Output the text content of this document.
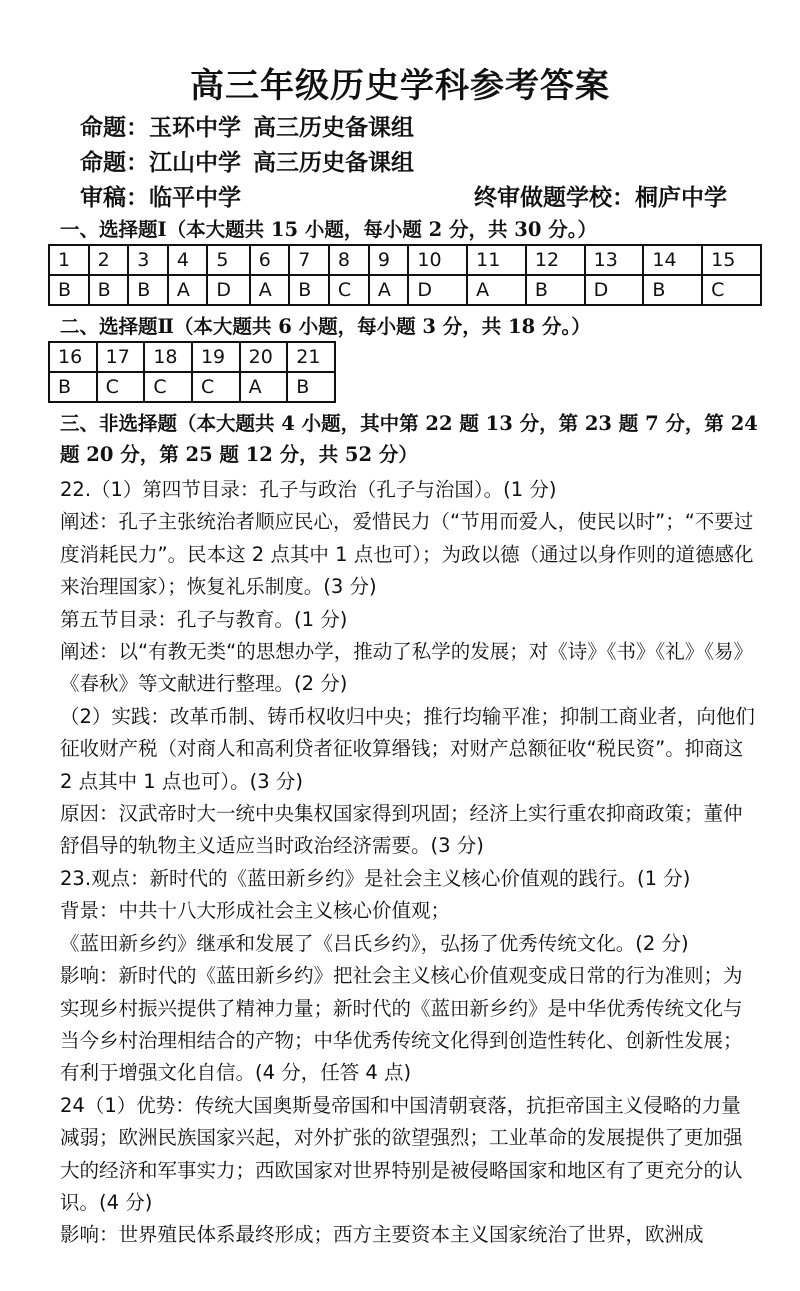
高三年级历史学科参考答案
命题：玉环中学 高三历史备课组
命题：江山中学 高三历史备课组
审稿：临平中学	终审做题学校：桐庐中学
一、选择题Ⅰ（本大题共 15 小题，每小题 2 分，共 30 分。）
1	2	3	4	5	6	7	8	9	10	11	12	13	14	15
B	B	B	A	D	A	B	C	A	D	A	B	D	B	C
二、选择题Ⅱ（本大题共 6 小题，每小题 3 分，共 18 分。）
16	17	18	19	20	21
B	C	C	C	A	B
三、非选择题（本大题共 4 小题，其中第 22 题 13 分，第 23 题 7 分，第 24 题 20 分，第 25 题 12 分，共 52 分）

22.（1）第四节目录：孔子与政治（孔子与治国）。(1 分)

阐述：孔子主张统治者顺应民心，爱惜民力（“节用而爱人，使民以时”；“不要过度消耗民力”。民本这 2 点其中 1 点也可）；为政以德（通过以身作则的道德感化来治理国家）；恢复礼乐制度。(3 分)

第五节目录：孔子与教育。(1 分)

阐述：以“有教无类“的思想办学，推动了私学的发展；对《诗》《书》《礼》《易》《春秋》等文献进行整理。(2 分)

（2）实践：改革币制、铸币权收归中央；推行均输平准；抑制工商业者，向他们征收财产税（对商人和高利贷者征收算缗钱；对财产总额征收“税民资”。抑商这 2 点其中 1 点也可）。(3 分)

原因：汉武帝时大一统中央集权国家得到巩固；经济上实行重农抑商政策；董仲舒倡导的轨物主义适应当时政治经济需要。(3 分)

23.观点：新时代的《蓝田新乡约》是社会主义核心价值观的践行。(1 分)

背景：中共十八大形成社会主义核心价值观；

《蓝田新乡约》继承和发展了《吕氏乡约》，弘扬了优秀传统文化。(2 分)

影响：新时代的《蓝田新乡约》把社会主义核心价值观变成日常的行为准则；为实现乡村振兴提供了精神力量；新时代的《蓝田新乡约》是中华优秀传统文化与当今乡村治理相结合的产物；中华优秀传统文化得到创造性转化、创新性发展；有利于增强文化自信。(4 分，任答 4 点)

24（1）优势：传统大国奥斯曼帝国和中国清朝衰落，抗拒帝国主义侵略的力量减弱；欧洲民族国家兴起，对外扩张的欲望强烈；工业革命的发展提供了更加强大的经济和军事实力；西欧国家对世界特别是被侵略国家和地区有了更充分的认识。(4 分)

影响：世界殖民体系最终形成；西方主要资本主义国家统治了世界，欧洲成
